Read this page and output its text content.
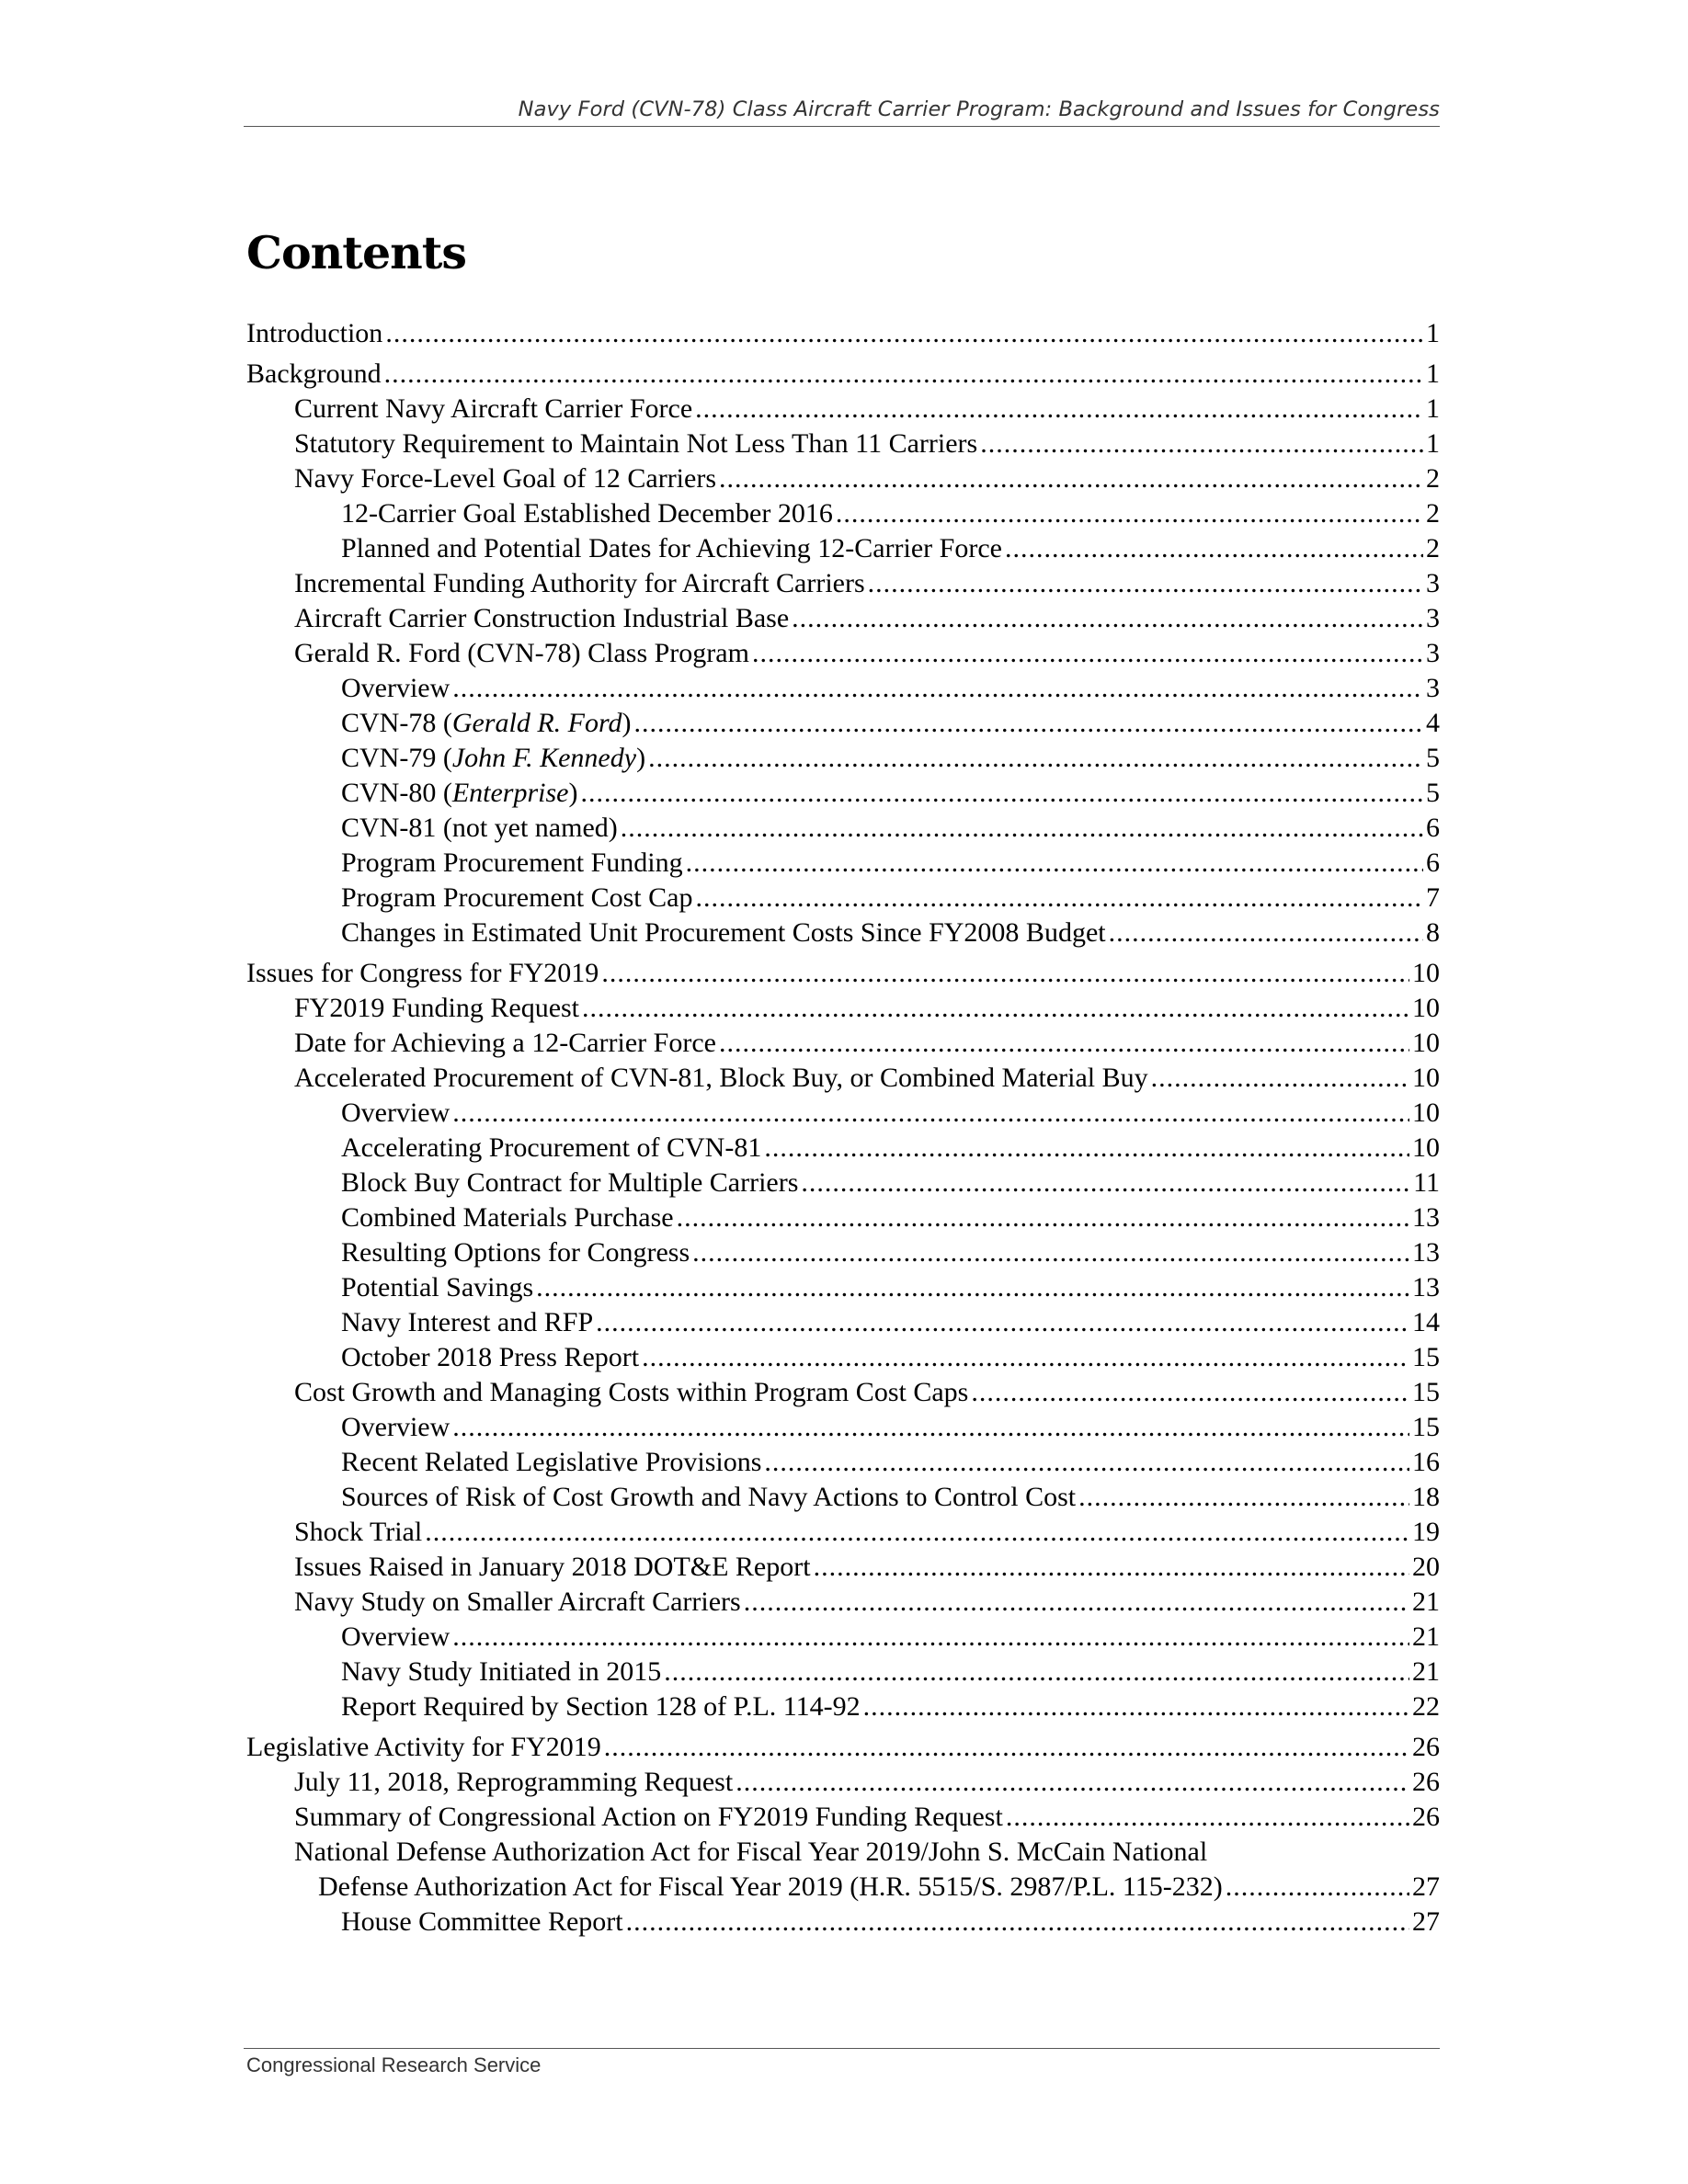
Navy Ford (CVN-78) Class Aircraft Carrier Program: Background and Issues for Congress
Contents
Introduction .....	1
Background .....	1
Current Navy Aircraft Carrier Force .....	1
Statutory Requirement to Maintain Not Less Than 11 Carriers .....	1
Navy Force-Level Goal of 12 Carriers .....	2
12-Carrier Goal Established December 2016 .....	2
Planned and Potential Dates for Achieving 12-Carrier Force .....	2
Incremental Funding Authority for Aircraft Carriers .....	3
Aircraft Carrier Construction Industrial Base .....	3
Gerald R. Ford (CVN-78) Class Program .....	3
Overview .....	3
CVN-78 (Gerald R. Ford) .....	4
CVN-79 (John F. Kennedy) .....	5
CVN-80 (Enterprise) .....	5
CVN-81 (not yet named) .....	6
Program Procurement Funding .....	6
Program Procurement Cost Cap .....	7
Changes in Estimated Unit Procurement Costs Since FY2008 Budget .....	8
Issues for Congress for FY2019 .....	10
FY2019 Funding Request .....	10
Date for Achieving a 12-Carrier Force .....	10
Accelerated Procurement of CVN-81, Block Buy, or Combined Material Buy .....	10
Overview .....	10
Accelerating Procurement of CVN-81 .....	10
Block Buy Contract for Multiple Carriers .....	11
Combined Materials Purchase .....	13
Resulting Options for Congress .....	13
Potential Savings .....	13
Navy Interest and RFP .....	14
October 2018 Press Report .....	15
Cost Growth and Managing Costs within Program Cost Caps .....	15
Overview .....	15
Recent Related Legislative Provisions .....	16
Sources of Risk of Cost Growth and Navy Actions to Control Cost .....	18
Shock Trial .....	19
Issues Raised in January 2018 DOT&E Report .....	20
Navy Study on Smaller Aircraft Carriers .....	21
Overview .....	21
Navy Study Initiated in 2015 .....	21
Report Required by Section 128 of P.L. 114-92 .....	22
Legislative Activity for FY2019 .....	26
July 11, 2018, Reprogramming Request .....	26
Summary of Congressional Action on FY2019 Funding Request .....	26
National Defense Authorization Act for Fiscal Year 2019/John S. McCain National
Defense Authorization Act for Fiscal Year 2019 (H.R. 5515/S. 2987/P.L. 115-232) .....	27
House Committee Report .....	27
Congressional Research Service
